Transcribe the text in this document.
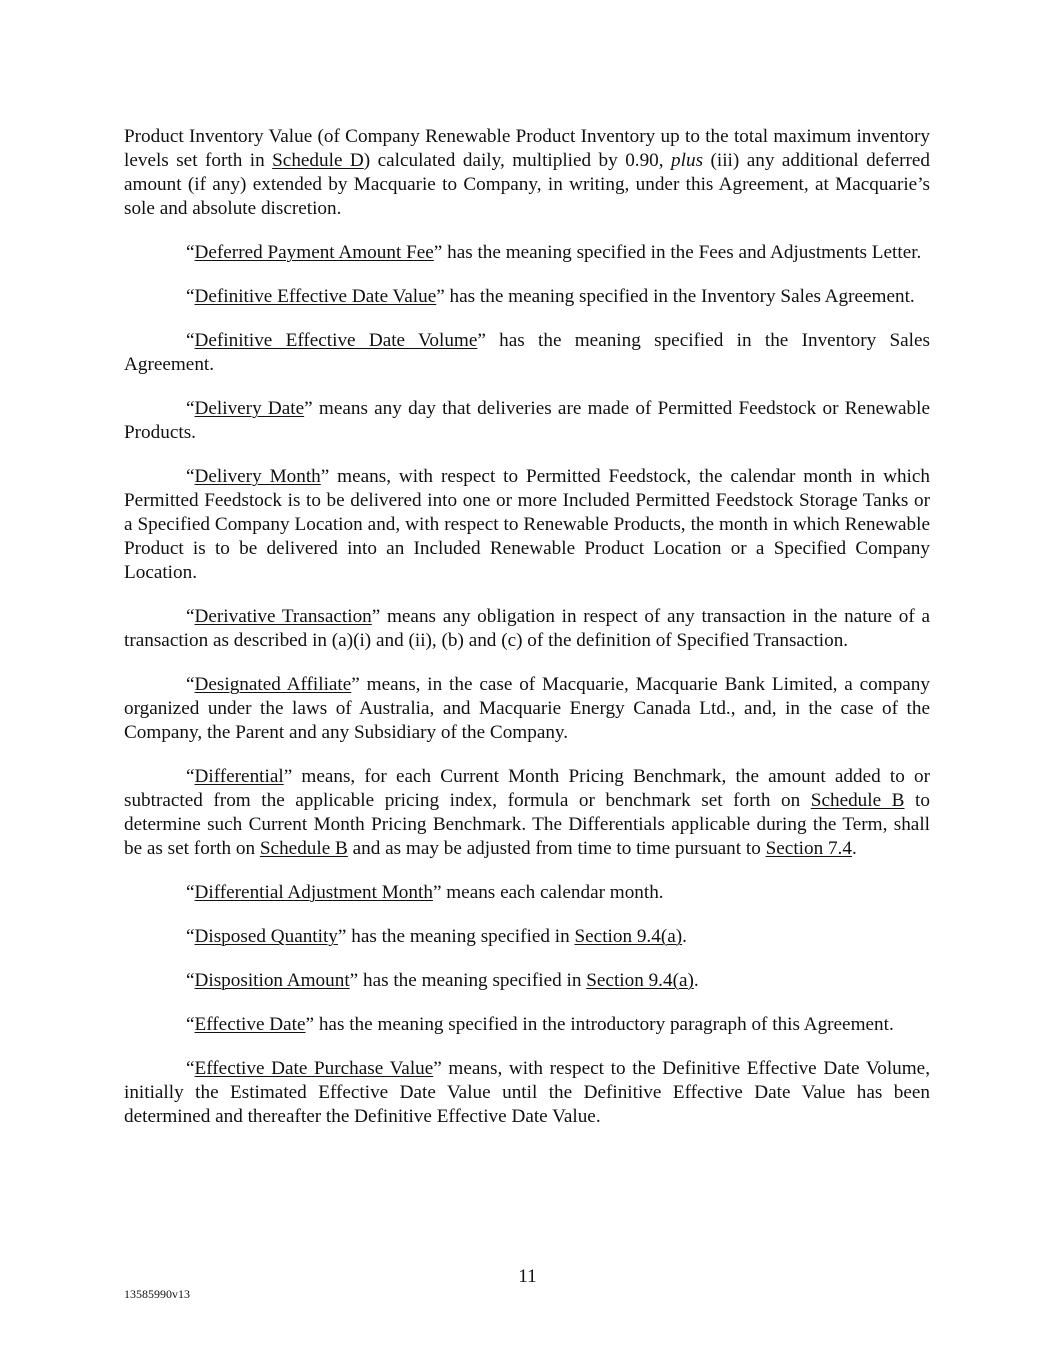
Product Inventory Value (of Company Renewable Product Inventory up to the total maximum inventory levels set forth in Schedule D) calculated daily, multiplied by 0.90, plus (iii) any additional deferred amount (if any) extended by Macquarie to Company, in writing, under this Agreement, at Macquarie’s sole and absolute discretion.

“Deferred Payment Amount Fee” has the meaning specified in the Fees and Adjustments Letter.

“Definitive Effective Date Value” has the meaning specified in the Inventory Sales Agreement.

“Definitive Effective Date Volume” has the meaning specified in the Inventory Sales Agreement.

“Delivery Date” means any day that deliveries are made of Permitted Feedstock or Renewable Products.

“Delivery Month” means, with respect to Permitted Feedstock, the calendar month in which Permitted Feedstock is to be delivered into one or more Included Permitted Feedstock Storage Tanks or a Specified Company Location and, with respect to Renewable Products, the month in which Renewable Product is to be delivered into an Included Renewable Product Location or a Specified Company Location.

“Derivative Transaction” means any obligation in respect of any transaction in the nature of a transaction as described in (a)(i) and (ii), (b) and (c) of the definition of Specified Transaction.

“Designated Affiliate” means, in the case of Macquarie, Macquarie Bank Limited, a company organized under the laws of Australia, and Macquarie Energy Canada Ltd., and, in the case of the Company, the Parent and any Subsidiary of the Company.

“Differential” means, for each Current Month Pricing Benchmark, the amount added to or subtracted from the applicable pricing index, formula or benchmark set forth on Schedule B to determine such Current Month Pricing Benchmark. The Differentials applicable during the Term, shall be as set forth on Schedule B and as may be adjusted from time to time pursuant to Section 7.4.

“Differential Adjustment Month” means each calendar month.

“Disposed Quantity” has the meaning specified in Section 9.4(a).

“Disposition Amount” has the meaning specified in Section 9.4(a).

“Effective Date” has the meaning specified in the introductory paragraph of this Agreement.

“Effective Date Purchase Value” means, with respect to the Definitive Effective Date Volume, initially the Estimated Effective Date Value until the Definitive Effective Date Value has been determined and thereafter the Definitive Effective Date Value.

11
13585990v13
